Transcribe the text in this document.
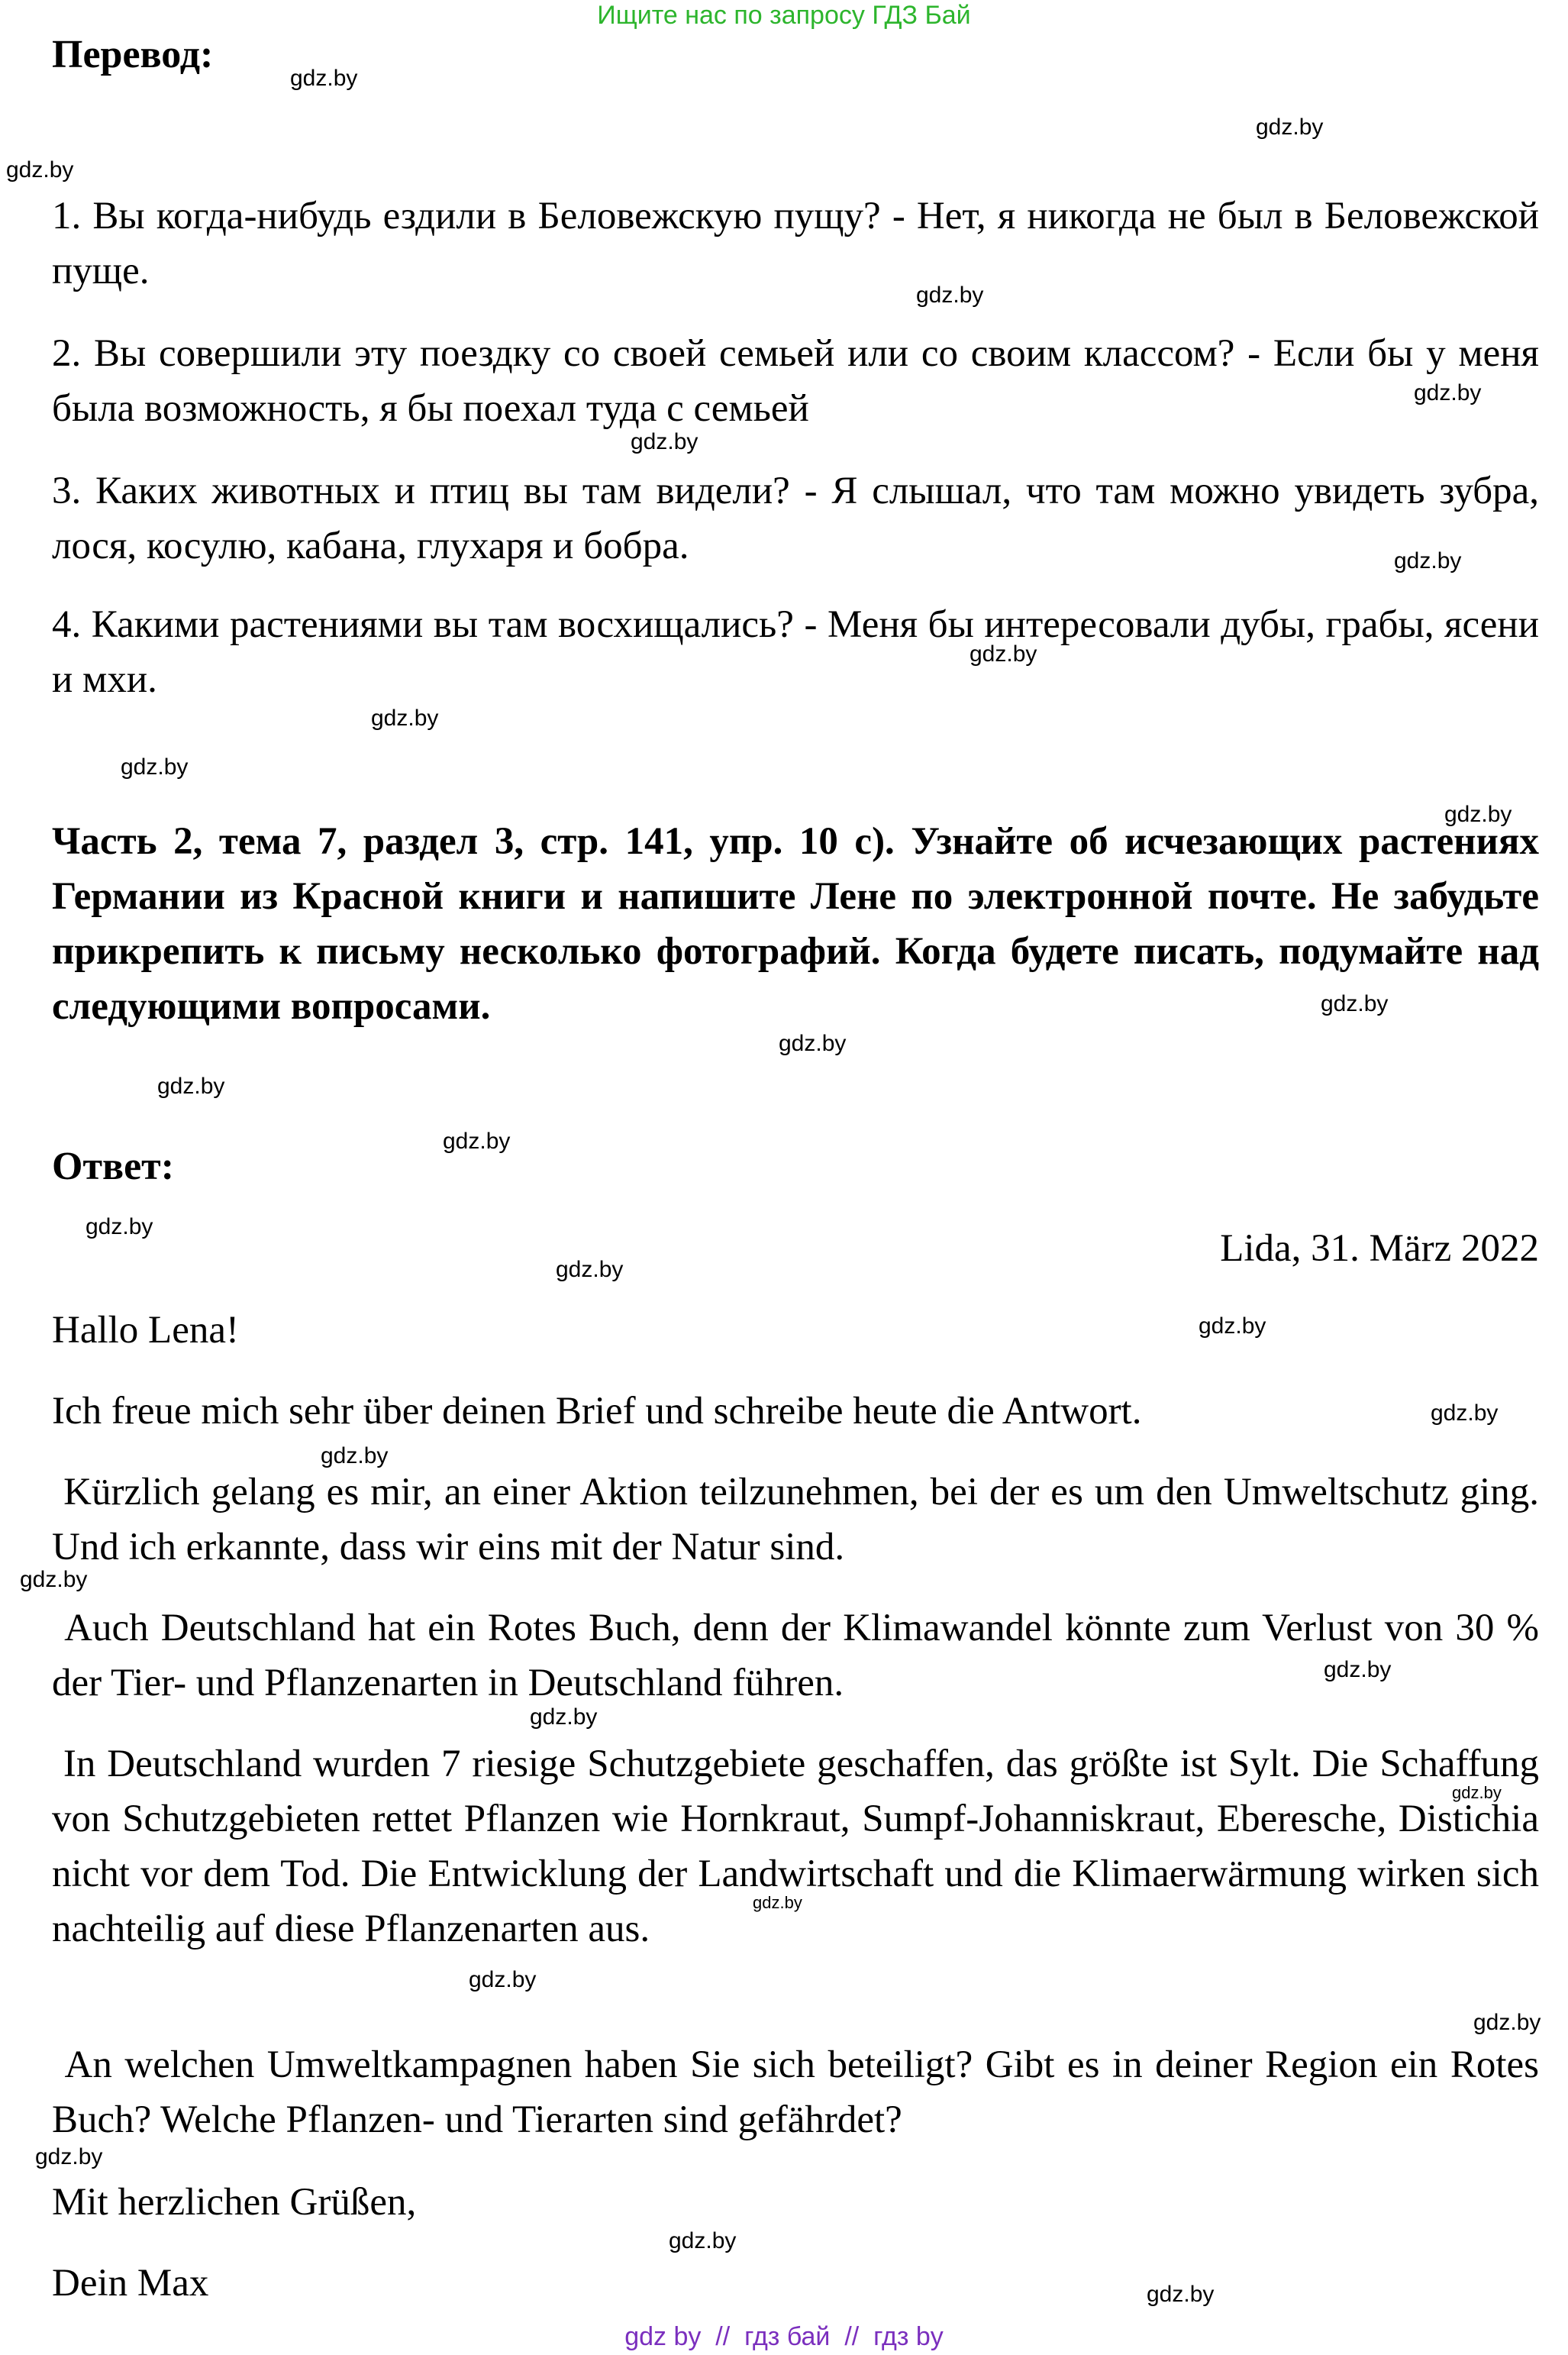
Ищите нас по запросу ГДЗ Бай
Перевод:
1. Вы когда-нибудь ездили в Беловежскую пущу? - Нет, я никогда не был в Беловежской пуще.
2. Вы совершили эту поездку со своей семьей или со своим классом? - Если бы у меня была возможность, я бы поехал туда с семьей
3. Каких животных и птиц вы там видели? - Я слышал, что там можно увидеть зубра, лося, косулю, кабана, глухаря и бобра.
4. Какими растениями вы там восхищались? - Меня бы интересовали дубы, грабы, ясени и мхи.
Часть 2, тема 7, раздел 3, стр. 141, упр. 10 с). Узнайте об исчезающих растениях Германии из Красной книги и напишите Лене по электронной почте. Не забудьте прикрепить к письму несколько фотографий. Когда будете писать, подумайте над следующими вопросами.
Ответ:
Lida, 31. März 2022
Hallo Lena!
Ich freue mich sehr über deinen Brief und schreibe heute die Antwort.
Kürzlich gelang es mir, an einer Aktion teilzunehmen, bei der es um den Umweltschutz ging. Und ich erkannte, dass wir eins mit der Natur sind.
Auch Deutschland hat ein Rotes Buch, denn der Klimawandel könnte zum Verlust von 30 % der Tier- und Pflanzenarten in Deutschland führen.
In Deutschland wurden 7 riesige Schutzgebiete geschaffen, das größte ist Sylt. Die Schaffung von Schutzgebieten rettet Pflanzen wie Hornkraut, Sumpf-Johanniskraut, Eberesche, Distichia nicht vor dem Tod. Die Entwicklung der Landwirtschaft und die Klimaerwärmung wirken sich nachteilig auf diese Pflanzenarten aus.
An welchen Umweltkampagnen haben Sie sich beteiligt? Gibt es in deiner Region ein Rotes Buch? Welche Pflanzen- und Tierarten sind gefährdet?
Mit herzlichen Grüßen,
Dein Max
gdz.by
gdz.by
gdz.by
gdz.by
gdz.by
gdz.by
gdz.by
gdz.by
gdz.by
gdz.by
gdz.by
gdz.by
gdz.by
gdz.by
gdz.by
gdz.by
gdz.by
gdz.by
gdz.by
gdz.by
gdz.by
gdz.by
gdz.by
gdz.by
gdz.by
gdz.by
gdz.by
gdz.by
gdz.by
gdz.by
gdz by  //  гдз бай  //  гдз by
